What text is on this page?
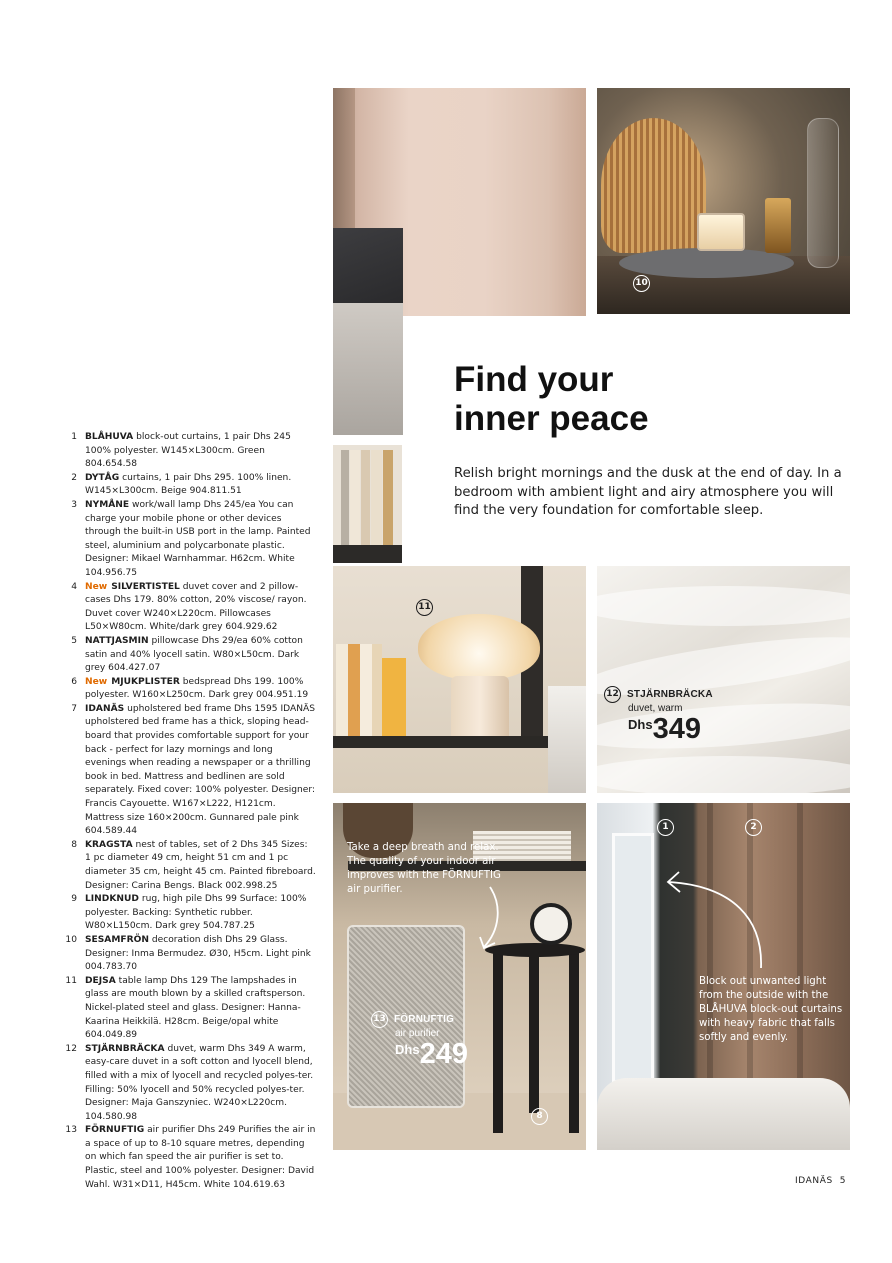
10
11
8
1	2
Find your
inner peace

Relish bright mornings and the dusk at the end of day. In a bedroom with ambient light and airy atmosphere you will find the very foundation for comfortable sleep.

12 STJÄRNBRÄCKA
duvet, warm
Dhs 349
13 FÖRNUFTIG
air purifier
Dhs 249

Take a deep breath and relax. The quality of your indoor air improves with the FÖRNUFTIG air purifier.

Block out unwanted light from the outside with the BLÅHUVA block-out curtains with heavy fabric that falls softly and evenly.

1 BLÅHUVA block-out curtains, 1 pair Dhs 245 100% polyester. W145×L300cm. Green 804.654.58
2 DYTÅG curtains, 1 pair Dhs 295. 100% linen. W145×L300cm. Beige 904.811.51
3 NYMÅNE work/wall lamp Dhs 245/ea You can charge your mobile phone or other devices through the built-in USB port in the lamp. Painted steel, aluminium and polycarbonate plastic. Designer: Mikael Warnhammar. H62cm. White 104.956.75
4 New SILVERTISTEL duvet cover and 2 pillow-cases Dhs 179. 80% cotton, 20% viscose/ rayon. Duvet cover W240×L220cm. Pillowcases L50×W80cm. White/dark grey 604.929.62
5 NATTJASMIN pillowcase Dhs 29/ea 60% cotton satin and 40% lyocell satin. W80×L50cm. Dark grey 604.427.07
6 New MJUKPLISTER bedspread Dhs 199. 100% polyester. W160×L250cm. Dark grey 004.951.19
7 IDANÄS upholstered bed frame Dhs 1595 IDANÄS upholstered bed frame has a thick, sloping head-board that provides comfortable support for your back - perfect for lazy mornings and long evenings when reading a newspaper or a thrilling book in bed. Mattress and bedlinen are sold separately. Fixed cover: 100% polyester. Designer: Francis Cayouette. W167×L222, H121cm. Mattress size 160×200cm. Gunnared pale pink 604.589.44
8 KRAGSTA nest of tables, set of 2 Dhs 345 Sizes: 1 pc diameter 49 cm, height 51 cm and 1 pc diameter 35 cm, height 45 cm. Painted fibreboard. Designer: Carina Bengs. Black 002.998.25
9 LINDKNUD rug, high pile Dhs 99 Surface: 100% polyester. Backing: Synthetic rubber. W80×L150cm. Dark grey 504.787.25
10 SESAMFRÖN decoration dish Dhs 29 Glass. Designer: Inma Bermudez. Ø30, H5cm. Light pink 004.783.70
11 DEJSA table lamp Dhs 129 The lampshades in glass are mouth blown by a skilled craftsperson. Nickel-plated steel and glass. Designer: Hanna-Kaarina Heikkilä. H28cm. Beige/opal white 604.049.89
12 STJÄRNBRÄCKA duvet, warm Dhs 349 A warm, easy-care duvet in a soft cotton and lyocell blend, filled with a mix of lyocell and recycled polyes-ter. Filling: 50% lyocell and 50% recycled polyes-ter. Designer: Maja Ganszyniec. W240×L220cm. 104.580.98
13 FÖRNUFTIG air purifier Dhs 249 Purifies the air in a space of up to 8-10 square metres, depending on which fan speed the air purifier is set to. Plastic, steel and 100% polyester. Designer: David Wahl. W31×D11, H45cm. White 104.619.63	IDANÄS 5
